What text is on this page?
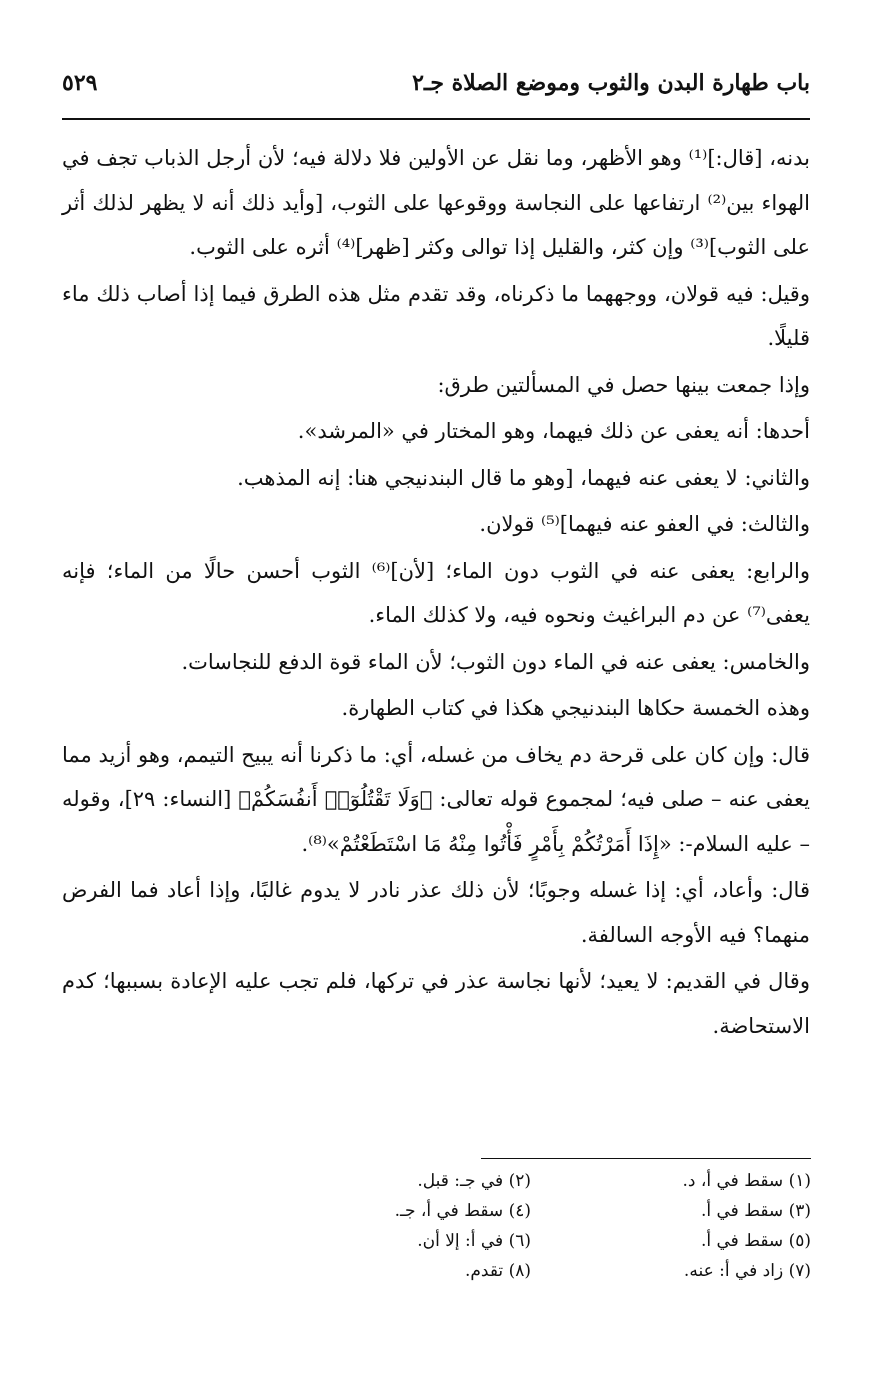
باب طهارة البدن والثوب وموضع الصلاة جـ٢
٥٢٩

بدنه، [قال:]⁽¹⁾ وهو الأظهر، وما نقل عن الأولين فلا دلالة فيه؛ لأن أرجل الذباب تجف في الهواء بين⁽²⁾ ارتفاعها على النجاسة ووقوعها على الثوب، [وأيد ذلك أنه لا يظهر لذلك أثر على الثوب]⁽³⁾ وإن كثر، والقليل إذا توالى وكثر [ظهر]⁽⁴⁾ أثره على الثوب.

وقيل: فيه قولان، ووجههما ما ذكرناه، وقد تقدم مثل هذه الطرق فيما إذا أصاب ذلك ماء قليلًا.

وإذا جمعت بينها حصل في المسألتين طرق:

أحدها: أنه يعفى عن ذلك فيهما، وهو المختار في «المرشد».

والثاني: لا يعفى عنه فيهما، [وهو ما قال البندنيجي هنا: إنه المذهب.

والثالث: في العفو عنه فيهما]⁽⁵⁾ قولان.

والرابع: يعفى عنه في الثوب دون الماء؛ [لأن]⁽⁶⁾ الثوب أحسن حالًا من الماء؛ فإنه يعفى⁽⁷⁾ عن دم البراغيث ونحوه فيه، ولا كذلك الماء.

والخامس: يعفى عنه في الماء دون الثوب؛ لأن الماء قوة الدفع للنجاسات.

وهذه الخمسة حكاها البندنيجي هكذا في كتاب الطهارة.

قال: وإن كان على قرحة دم يخاف من غسله، أي: ما ذكرنا أنه يبيح التيمم، وهو أزيد مما يعفى عنه – صلى فيه؛ لمجموع قوله تعالى: ﴿وَلَا تَقْتُلُوٓا۟ أَنفُسَكُمْ﴾ [النساء: ٢٩]، وقوله – عليه السلام-: «إِذَا أَمَرْتُكُمْ بِأَمْرٍ فَأْتُوا مِنْهُ مَا اسْتَطَعْتُمْ»⁽⁸⁾.

قال: وأعاد، أي: إذا غسله وجوبًا؛ لأن ذلك عذر نادر لا يدوم غالبًا، وإذا أعاد فما الفرض منهما؟ فيه الأوجه السالفة.

وقال في القديم: لا يعيد؛ لأنها نجاسة عذر في تركها، فلم تجب عليه الإعادة بسببها؛ كدم الاستحاضة.

(١) سقط في أ، د.
(٢) في جـ: قبل.
(٣) سقط في أ.
(٤) سقط في أ، جـ.
(٥) سقط في أ.
(٦) في أ: إلا أن.
(٧) زاد في أ: عنه.
(٨) تقدم.
